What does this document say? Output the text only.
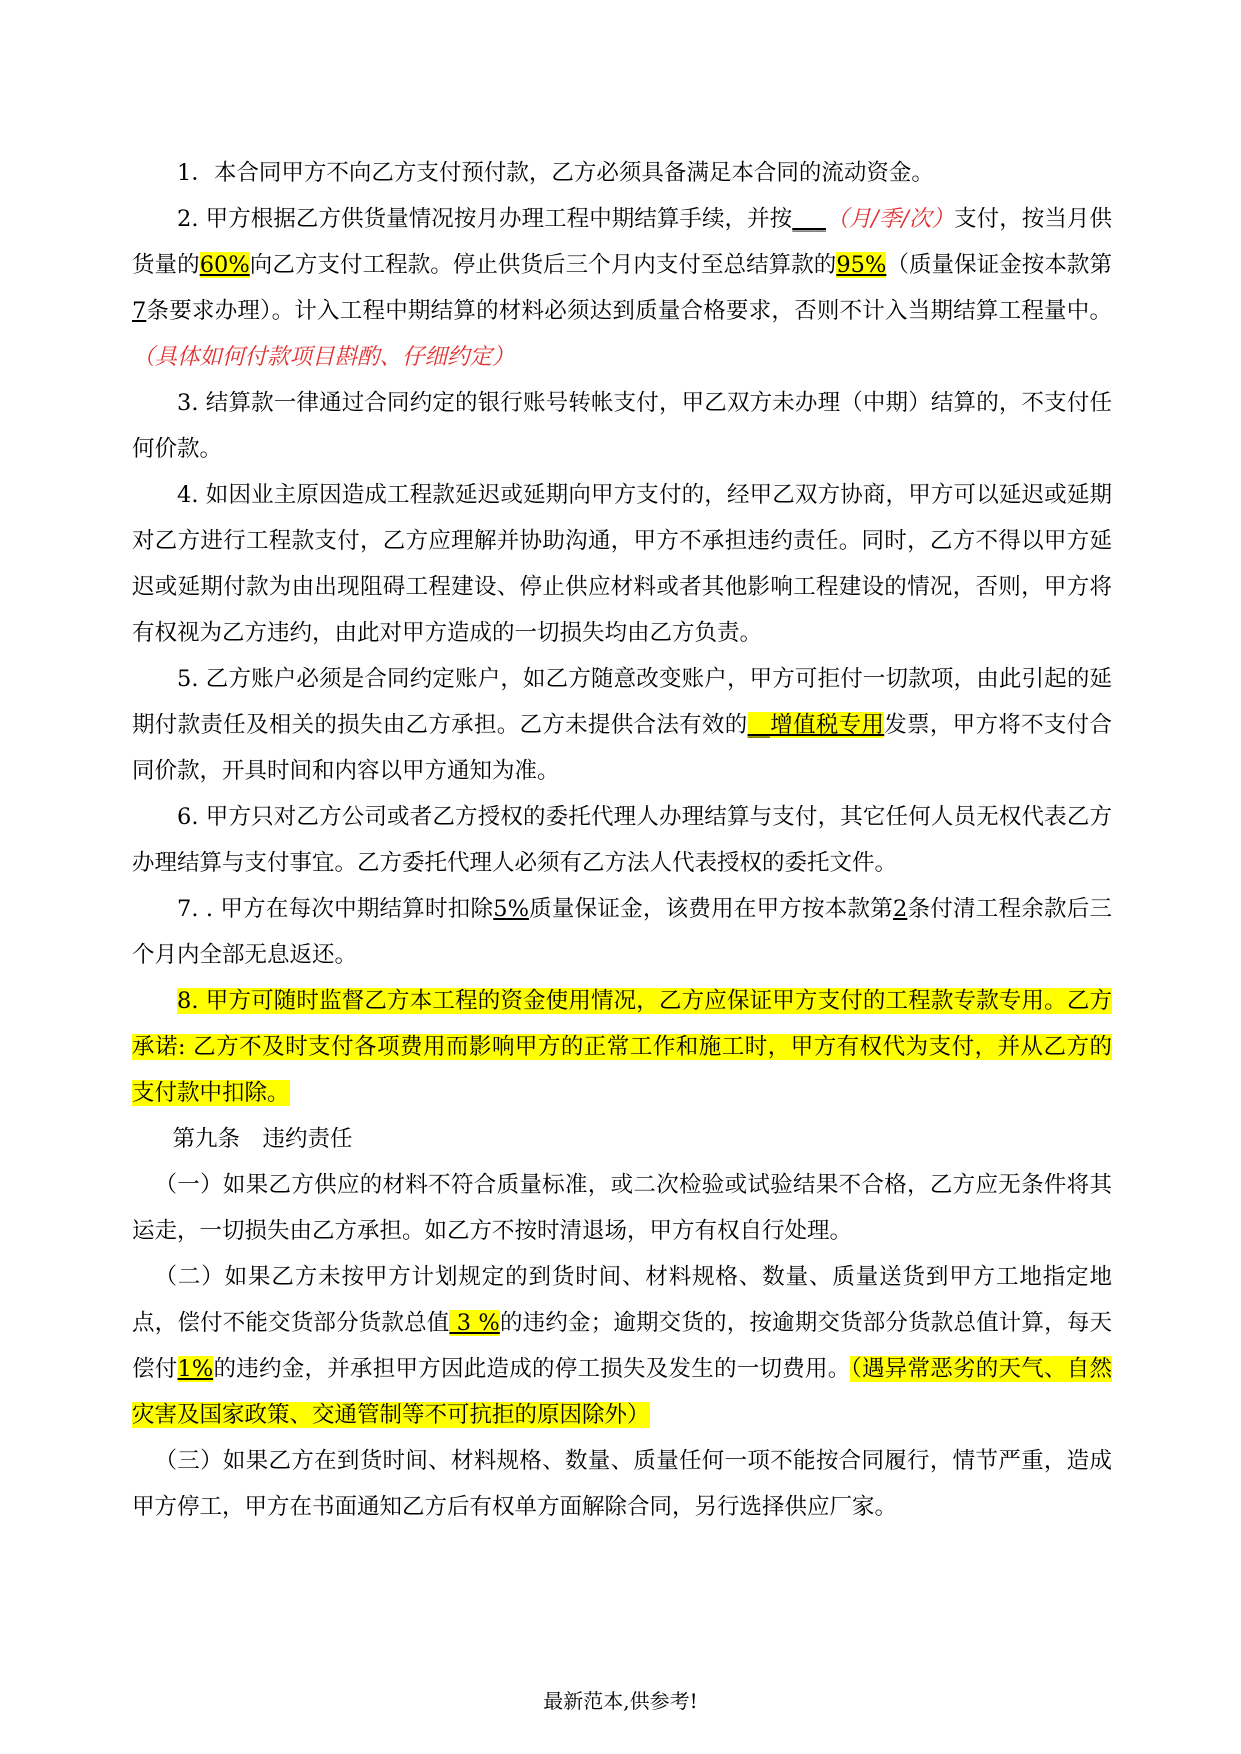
1．本合同甲方不向乙方支付预付款，乙方必须具备满足本合同的流动资金。

2. 甲方根据乙方供货量情况按月办理工程中期结算手续，并按___（月/季/次）支付，按当月供货量的60%向乙方支付工程款。停止供货后三个月内支付至总结算款的95%（质量保证金按本款第7条要求办理）。计入工程中期结算的材料必须达到质量合格要求，否则不计入当期结算工程量中。（具体如何付款项目斟酌、仔细约定）

3. 结算款一律通过合同约定的银行账号转帐支付，甲乙双方未办理（中期）结算的，不支付任何价款。

4. 如因业主原因造成工程款延迟或延期向甲方支付的，经甲乙双方协商，甲方可以延迟或延期对乙方进行工程款支付，乙方应理解并协助沟通，甲方不承担违约责任。同时，乙方不得以甲方延迟或延期付款为由出现阻碍工程建设、停止供应材料或者其他影响工程建设的情况，否则，甲方将有权视为乙方违约，由此对甲方造成的一切损失均由乙方负责。

5. 乙方账户必须是合同约定账户，如乙方随意改变账户，甲方可拒付一切款项，由此引起的延期付款责任及相关的损失由乙方承担。乙方未提供合法有效的__增值税专用发票，甲方将不支付合同价款，开具时间和内容以甲方通知为准。

6. 甲方只对乙方公司或者乙方授权的委托代理人办理结算与支付，其它任何人员无权代表乙方办理结算与支付事宜。乙方委托代理人必须有乙方法人代表授权的委托文件。

7. . 甲方在每次中期结算时扣除5%质量保证金，该费用在甲方按本款第2条付清工程余款后三个月内全部无息返还。

8. 甲方可随时监督乙方本工程的资金使用情况，乙方应保证甲方支付的工程款专款专用。乙方承诺: 乙方不及时支付各项费用而影响甲方的正常工作和施工时，甲方有权代为支付，并从乙方的支付款中扣除。

第九条　违约责任

（一）如果乙方供应的材料不符合质量标准，或二次检验或试验结果不合格，乙方应无条件将其运走，一切损失由乙方承担。如乙方不按时清退场，甲方有权自行处理。

（二）如果乙方未按甲方计划规定的到货时间、材料规格、数量、质量送货到甲方工地指定地点，偿付不能交货部分货款总值 3 %的违约金；逾期交货的，按逾期交货部分货款总值计算，每天偿付1%的违约金，并承担甲方因此造成的停工损失及发生的一切费用。（遇异常恶劣的天气、自然灾害及国家政策、交通管制等不可抗拒的原因除外）

（三）如果乙方在到货时间、材料规格、数量、质量任何一项不能按合同履行，情节严重，造成甲方停工，甲方在书面通知乙方后有权单方面解除合同，另行选择供应厂家。

最新范本,供参考!
